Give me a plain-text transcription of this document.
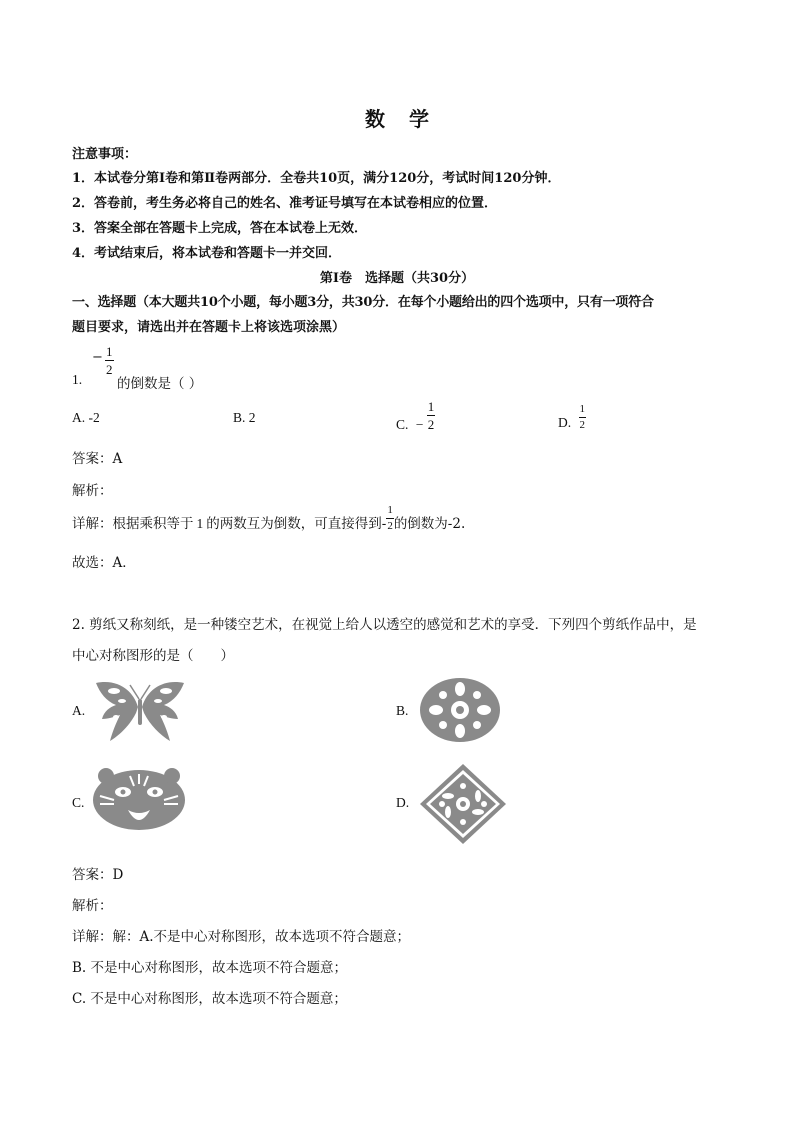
数 学
注意事项：
1．本试卷分第Ⅰ卷和第Ⅱ卷两部分．全卷共10页，满分120分，考试时间120分钟．
2．答卷前，考生务必将自己的姓名、准考证号填写在本试卷相应的位置．
3．答案全部在答题卡上完成，答在本试卷上无效．
4．考试结束后，将本试卷和答题卡一并交回．
第Ⅰ卷　选择题（共30分）
一、选择题（本大题共10个小题，每小题3分，共30分．在每个小题给出的四个选项中，只有一项符合
题目要求，请选出并在答题卡上将该选项涂黑）
− $\frac{1}{2}$
1.	的倒数是（ ）
A. -2	B. 2	C. − $\frac{1}{2}$	D. $\frac{1}{2}$
答案：A
解析：
详解：根据乘积等于 1 的两数互为倒数，可直接得到- $\frac{1}{2}$ 的倒数为-2.
故选：A．
2. 剪纸又称刻纸，是一种镂空艺术，在视觉上给人以透空的感觉和艺术的享受．下列四个剪纸作品中，是
中心对称图形的是（　　）
A.	B.
C.	D.
答案：D
解析：
详解：解：A.不是中心对称图形，故本选项不符合题意；
B. 不是中心对称图形，故本选项不符合题意；
C. 不是中心对称图形，故本选项不符合题意；
